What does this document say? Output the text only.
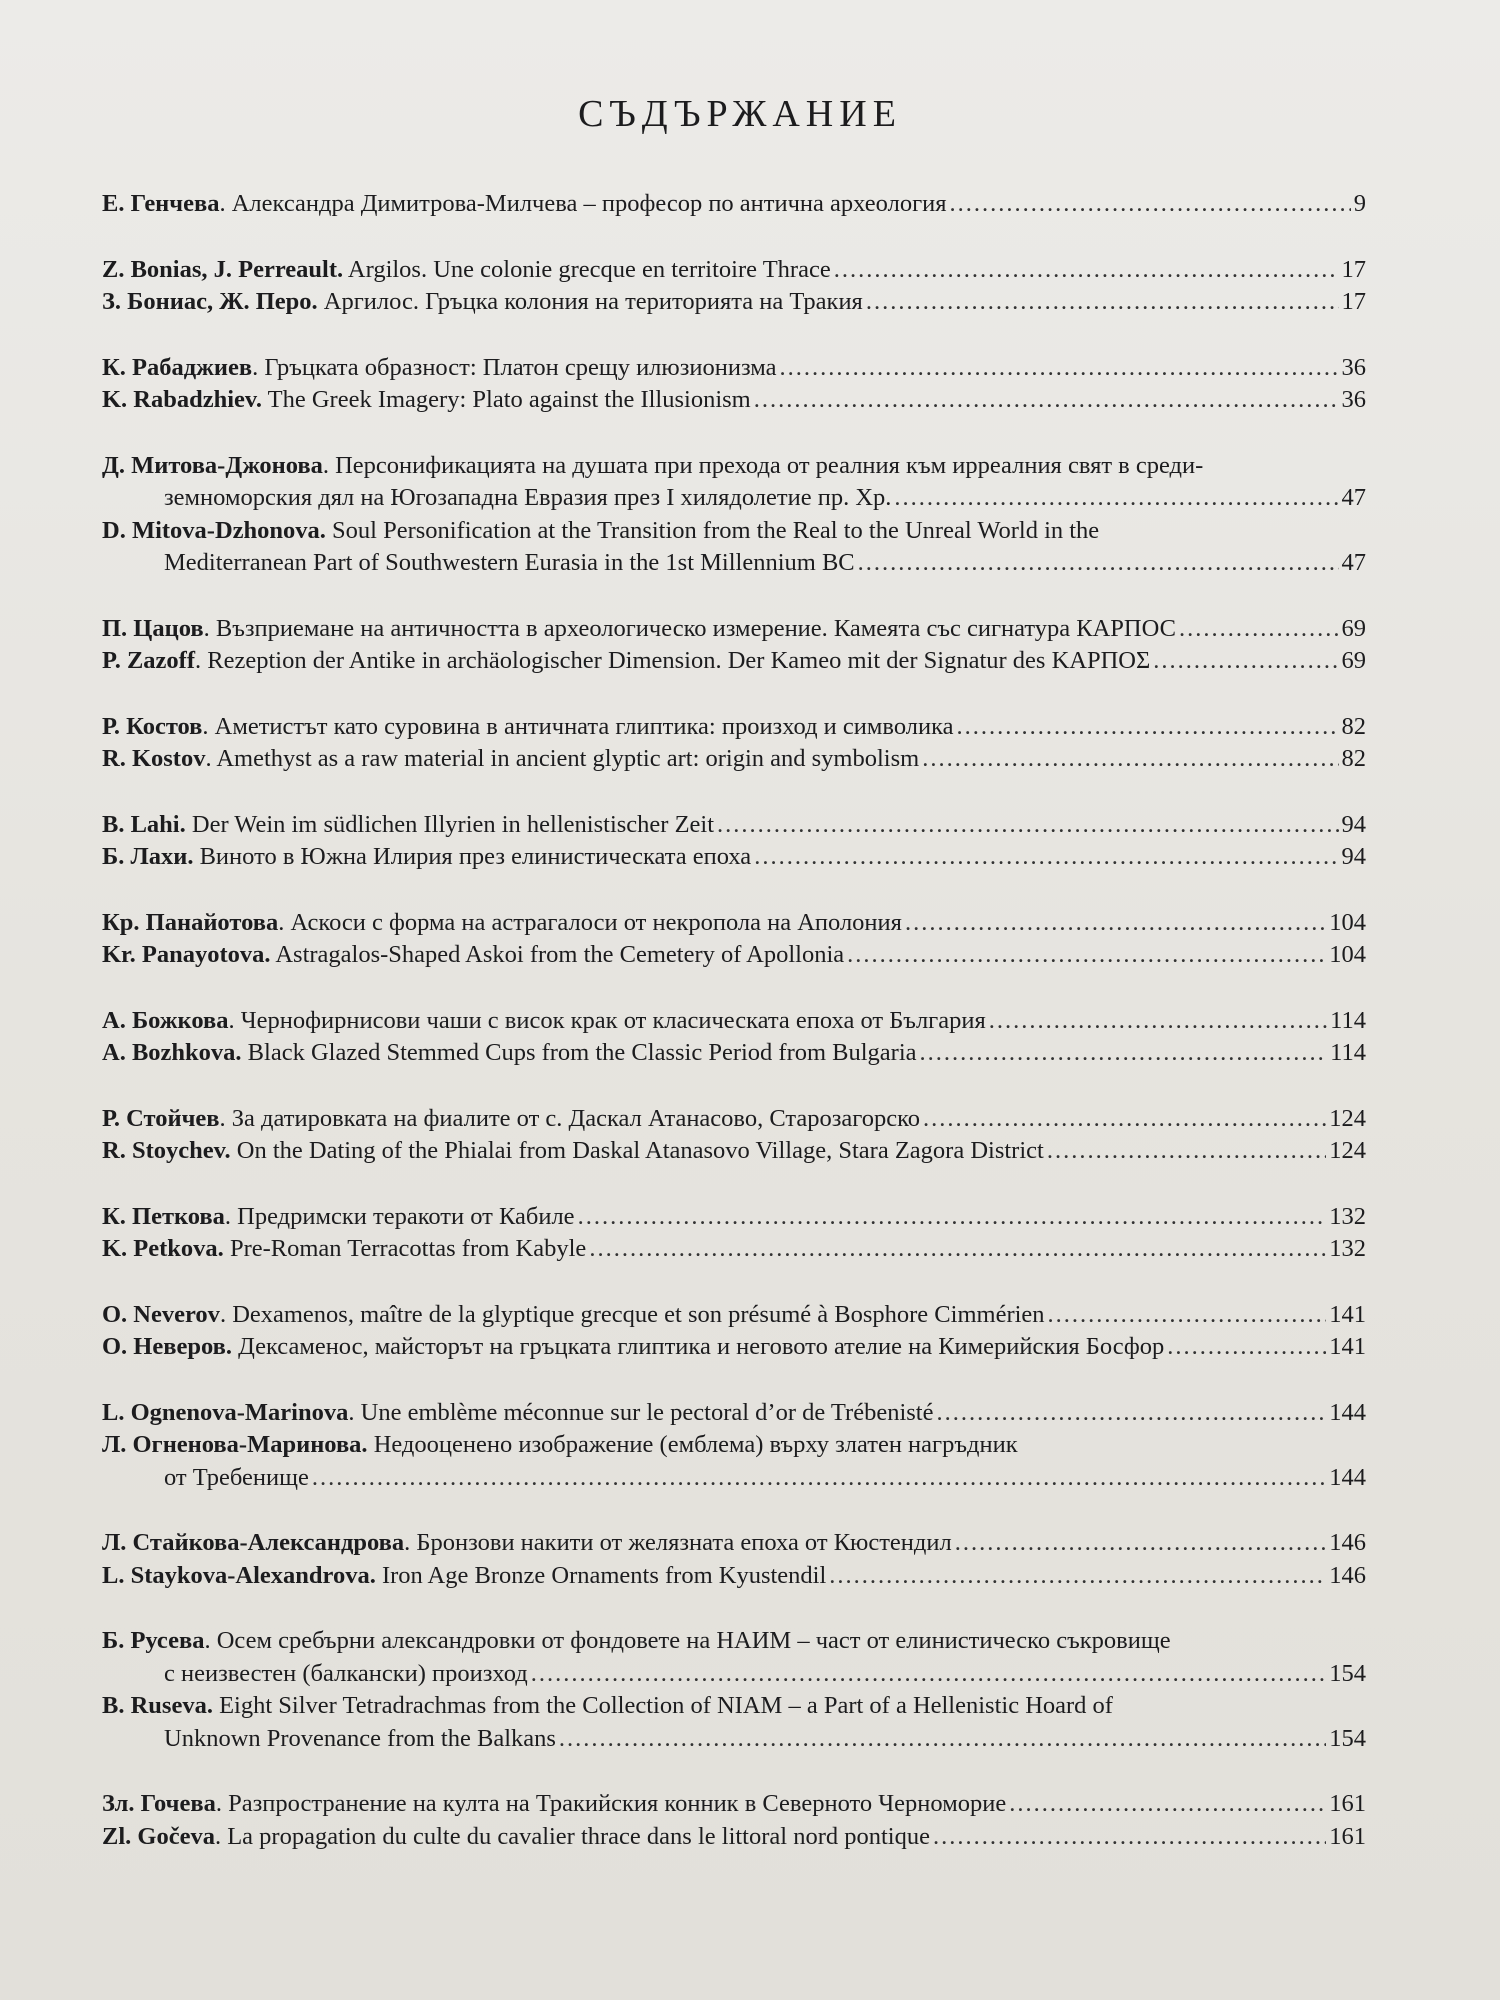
СЪДЪРЖАНИЕ
Е. Генчева. Александра Димитрова-Милчева – професор по антична археология .....	9
Z. Bonias, J. Perreault. Argilos. Une colonie grecque en territoire Thrace .....	17
З. Бониас, Ж. Перо. Аргилос. Гръцка колония на територията на Тракия .....	17
К. Рабаджиев. Гръцката образност: Платон срещу илюзионизма .....	36
K. Rabadzhiev. The Greek Imagery: Plato against the Illusionism .....	36
Д. Митова-Джонова. Персонификацията на душата при прехода от реалния към ирреалния свят в среди-
земноморския дял на Югозападна Евразия през I хилядолетие пр. Хр. .....	47
D. Mitova-Dzhonova. Soul Personification at the Transition from the Real to the Unreal World in the
Mediterranean Part of Southwestern Eurasia in the 1st Millennium BC .....	47
П. Цацов. Възприемане на античността в археологическо измерение. Камеята със сигнатура КАРПОС .....	69
P. Zazoff. Rezeption der Antike in archäologischer Dimension. Der Kameo mit der Signatur des ΚΑΡΠΟΣ .....	69
Р. Костов. Аметистът като суровина в античната глиптика: произход и символика .....	82
R. Kostov. Amethyst as a raw material in ancient glyptic art: origin and symbolism .....	82
B. Lahi. Der Wein im südlichen Illyrien in hellenistischer Zeit .....	94
Б. Лахи. Виното в Южна Илирия през елинистическата епоха .....	94
Кр. Панайотова. Аскоси с форма на астрагалоси от некропола на Аполония .....	104
Kr. Panayotova. Astragalos-Shaped Askoi from the Cemetery of Apollonia .....	104
А. Божкова. Чернофирнисови чаши с висок крак от класическата епоха от България .....	114
A. Bozhkova. Black Glazed Stemmed Cups from the Classic Period from Bulgaria .....	114
Р. Стойчев. За датировката на фиалите от с. Даскал Атанасово, Старозагорско .....	124
R. Stoychev. On the Dating of the Phialai from Daskal Atanasovo Village, Stara Zagora District .....	124
К. Петкова. Предримски теракоти от Кабиле .....	132
K. Petkova. Pre-Roman Terracottas from Kabyle .....	132
O. Neverov. Dexamenos, maître de la glyptique grecque et son présumé à Bosphore Cimmérien .....	141
О. Неверов. Дексаменос, майсторът на гръцката глиптика и неговото ателие на Кимерийския Босфор .....	141
L. Ognenova-Marinova. Une emblème méconnue sur le pectoral d’or de Trébenisté .....	144
Л. Огненова-Маринова. Недооценено изображение (емблема) върху златен нагръдник
от Требенище .....	144
Л. Стайкова-Александрова. Бронзови накити от желязната епоха от Кюстендил .....	146
L. Staykova-Alexandrova. Iron Age Bronze Ornaments from Kyustendil .....	146
Б. Русева. Осем сребърни александровки от фондовете на НАИМ – част от елинистическо съкровище
с неизвестен (балкански) произход .....	154
B. Ruseva. Eight Silver Tetradrachmas from the Collection of NIAM – a Part of a Hellenistic Hoard of
Unknown Provenance from the Balkans .....	154
Зл. Гочева. Разпространение на култа на Тракийския конник в Северното Черноморие .....	161
Zl. Gočeva. La propagation du culte du cavalier thrace dans le littoral nord pontique .....	161
